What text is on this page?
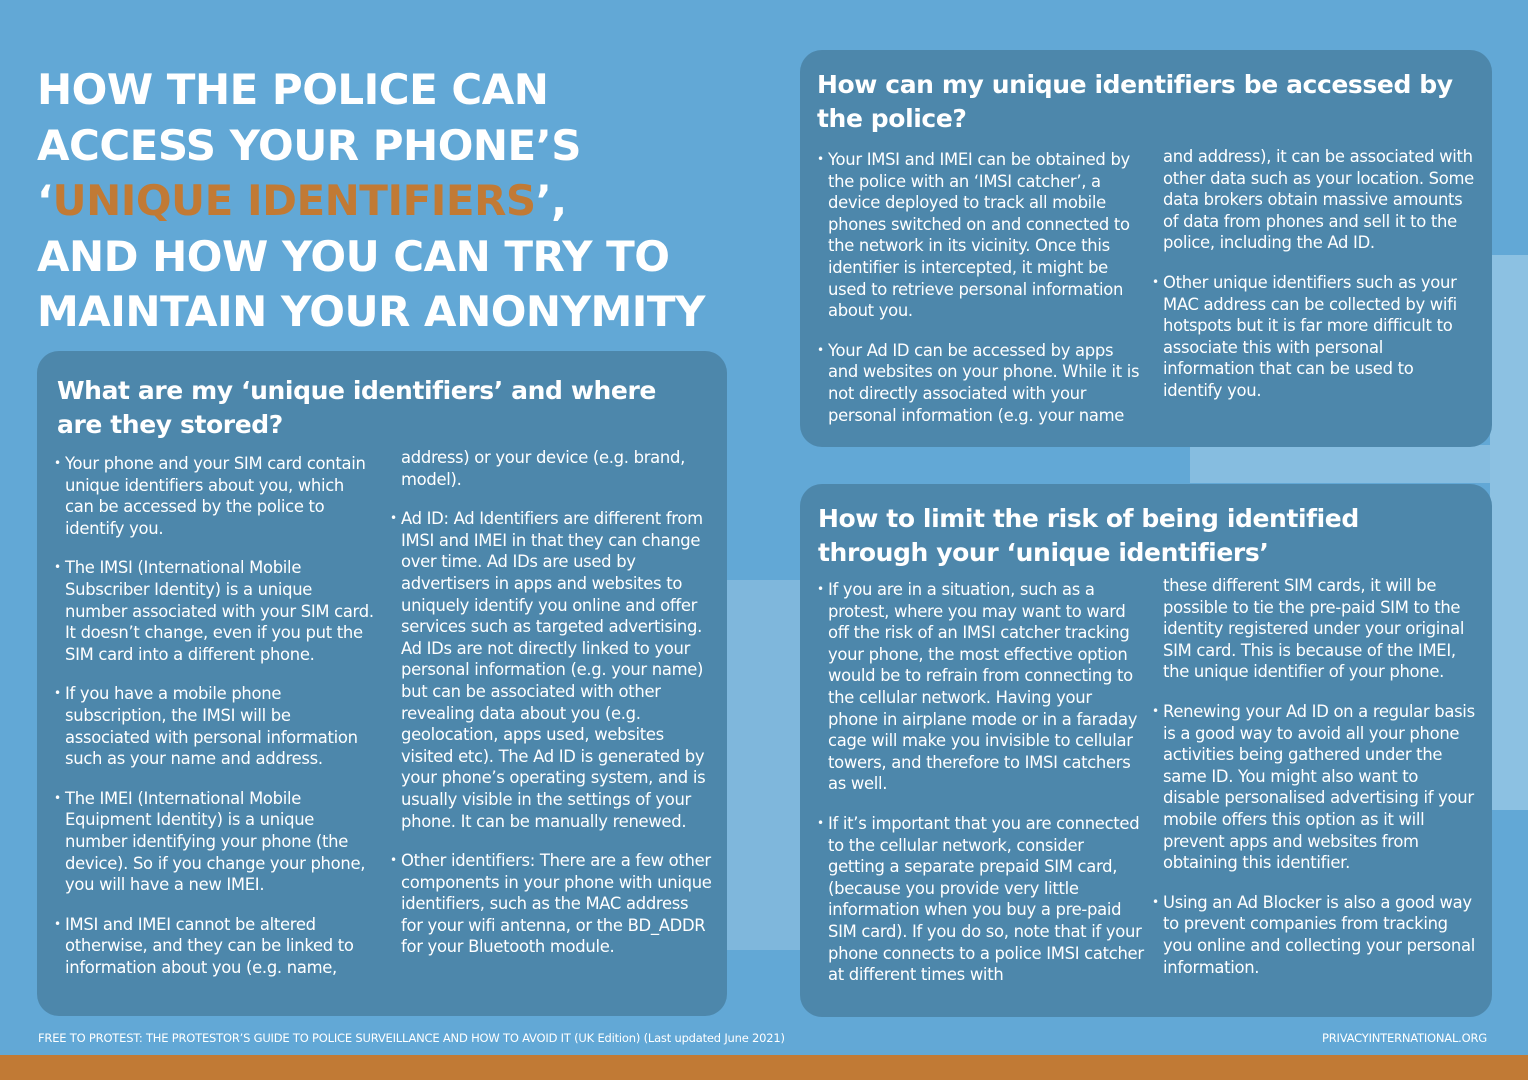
HOW THE POLICE CAN
ACCESS YOUR PHONE’S
‘UNIQUE IDENTIFIERS’,
AND HOW YOU CAN TRY TO
MAINTAIN YOUR ANONYMITY
What are my ‘unique identifiers’ and where are they stored?

• Your phone and your SIM card contain unique identifiers about you, which can be accessed by the police to identify you.

• The IMSI (International Mobile Subscriber Identity) is a unique number associated with your SIM card. It doesn’t change, even if you put the SIM card into a different phone.

• If you have a mobile phone subscription, the IMSI will be associated with personal information such as your name and address.

• The IMEI (International Mobile Equipment Identity) is a unique number identifying your phone (the device). So if you change your phone, you will have a new IMEI.

• IMSI and IMEI cannot be altered otherwise, and they can be linked to information about you (e.g. name,

address) or your device (e.g. brand, model).

• Ad ID: Ad Identifiers are different from IMSI and IMEI in that they can change over time. Ad IDs are used by advertisers in apps and websites to uniquely identify you online and offer services such as targeted advertising. Ad IDs are not directly linked to your personal information (e.g. your name) but can be associated with other revealing data about you (e.g. geolocation, apps used, websites visited etc). The Ad ID is generated by your phone’s operating system, and is usually visible in the settings of your phone. It can be manually renewed.

• Other identifiers: There are a few other components in your phone with unique identifiers, such as the MAC address for your wifi antenna, or the BD_ADDR for your Bluetooth module.

How can my unique identifiers be accessed by the police?

• Your IMSI and IMEI can be obtained by the police with an ‘IMSI catcher’, a device deployed to track all mobile phones switched on and connected to the network in its vicinity. Once this identifier is intercepted, it might be used to retrieve personal information about you.

• Your Ad ID can be accessed by apps and websites on your phone. While it is not directly associated with your personal information (e.g. your name

and address), it can be associated with other data such as your location. Some data brokers obtain massive amounts of data from phones and sell it to the police, including the Ad ID.

• Other unique identifiers such as your MAC address can be collected by wifi hotspots but it is far more difficult to associate this with personal information that can be used to identify you.

How to limit the risk of being identified through your ‘unique identifiers’

• If you are in a situation, such as a protest, where you may want to ward off the risk of an IMSI catcher tracking your phone, the most effective option would be to refrain from connecting to the cellular network. Having your phone in airplane mode or in a faraday cage will make you invisible to cellular towers, and therefore to IMSI catchers as well.

• If it’s important that you are connected to the cellular network, consider getting a separate prepaid SIM card, (because you provide very little information when you buy a pre-paid SIM card). If you do so, note that if your phone connects to a police IMSI catcher at different times with

these different SIM cards, it will be possible to tie the pre-paid SIM to the identity registered under your original SIM card. This is because of the IMEI, the unique identifier of your phone.

• Renewing your Ad ID on a regular basis is a good way to avoid all your phone activities being gathered under the same ID. You might also want to disable personalised advertising if your mobile offers this option as it will prevent apps and websites from obtaining this identifier.

• Using an Ad Blocker is also a good way to prevent companies from tracking you online and collecting your personal information.

FREE TO PROTEST: THE PROTESTOR’S GUIDE TO POLICE SURVEILLANCE AND HOW TO AVOID IT (UK Edition) (Last updated June 2021)	PRIVACYINTERNATIONAL.ORG
